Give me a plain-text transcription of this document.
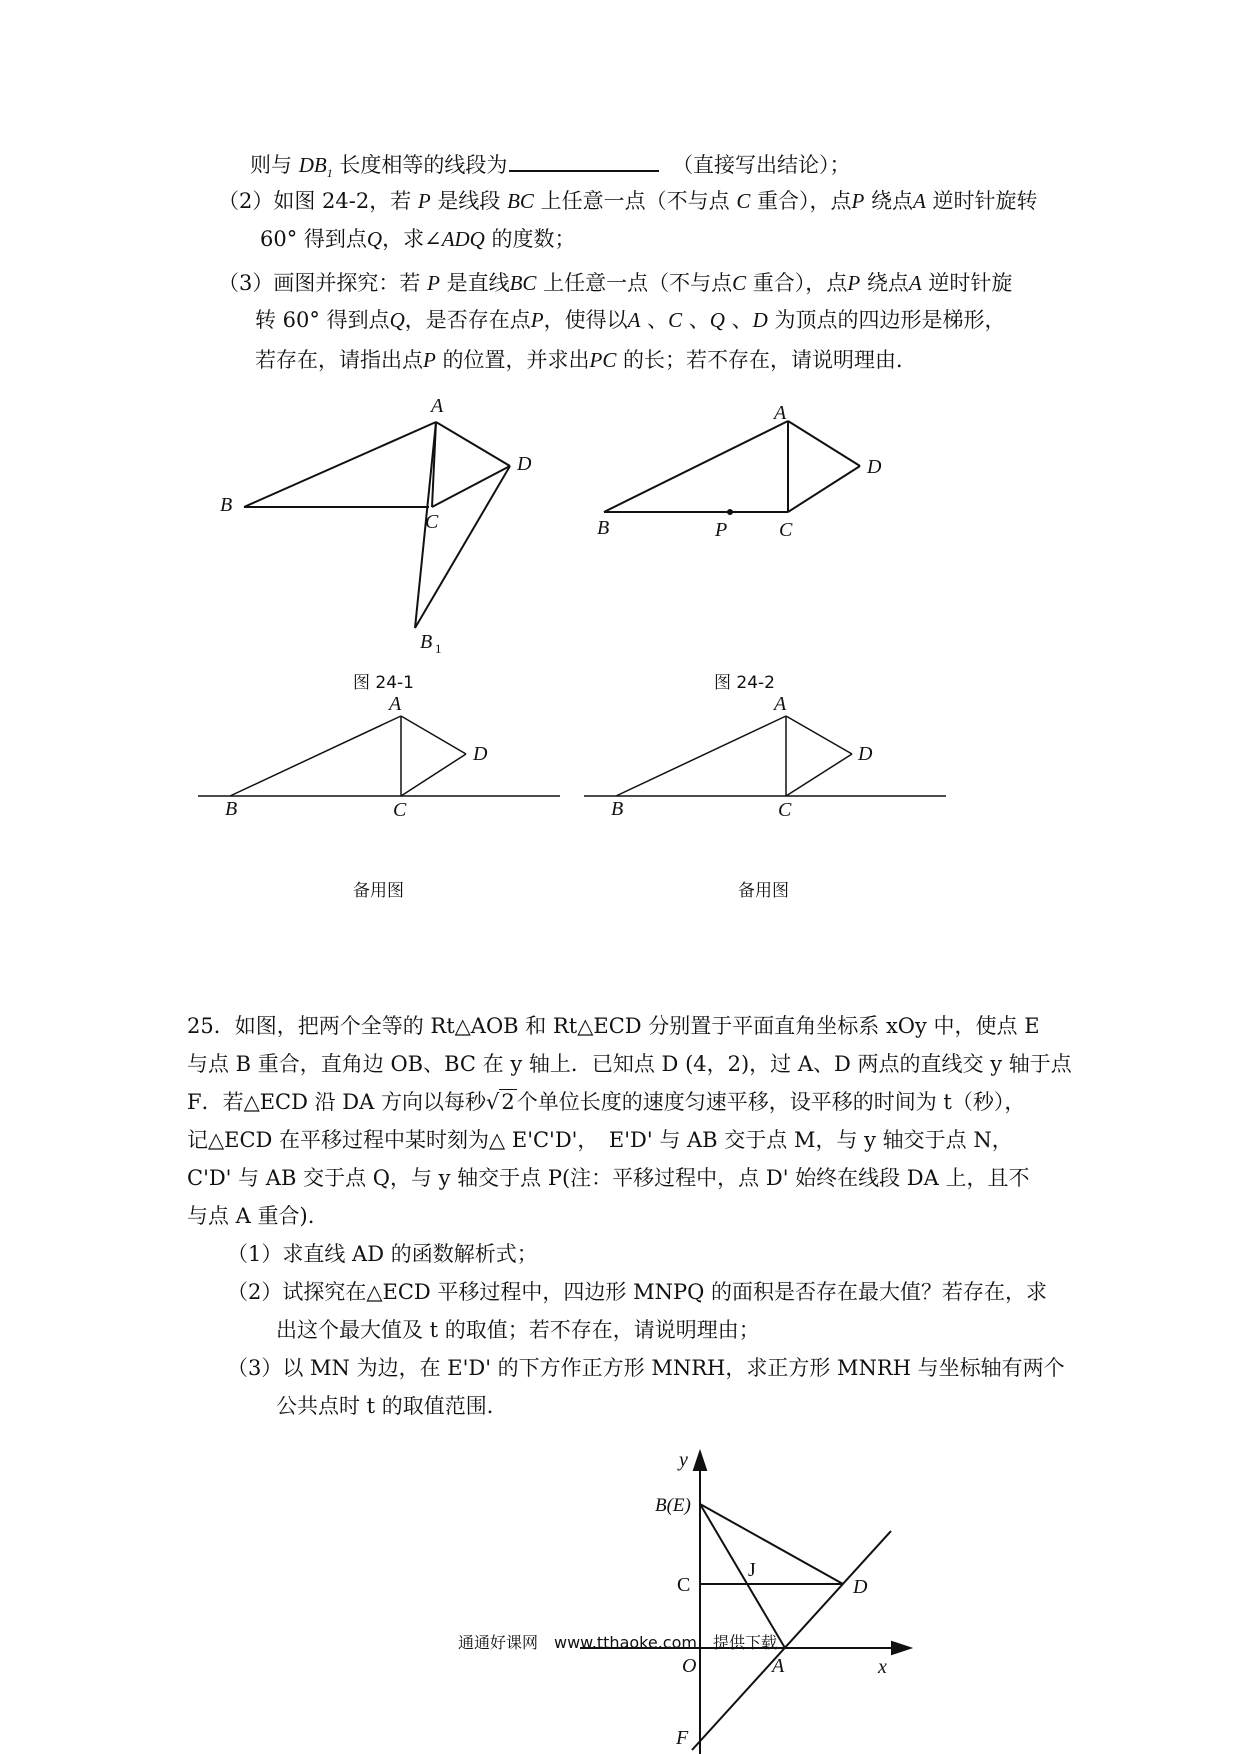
则与 $DB_1$ 长度相等的线段为	（直接写出结论）；
（2）如图 24-2，若 P 是线段 BC 上任意一点（不与点 C 重合），点P 绕点A 逆时针旋转
60° 得到点Q，求∠ADQ 的度数；
（3）画图并探究：若 P 是直线BC 上任意一点（不与点C 重合），点P 绕点A 逆时针旋
转 60° 得到点Q，是否存在点P，使得以A 、C 、Q 、D 为顶点的四边形是梯形，
若存在，请指出点P 的位置，并求出PC 的长；若不存在，请说明理由．
A
B
C
D
B 1
图 24-1
A
B	P	C
D
图 24-2
A
B	C
D
备用图
A
B	C
D
备用图
25．如图，把两个全等的 Rt△AOB 和 Rt△ECD 分别置于平面直角坐标系 xOy 中，使点 E
与点 B 重合，直角边 OB、BC 在 y 轴上．已知点 D (4，2)，过 A、D 两点的直线交 y 轴于点
F．若△ECD 沿 DA 方向以每秒√2个单位长度的速度匀速平移，设平移的时间为 t（秒），
记△ECD 在平移过程中某时刻为△ E'C'D'，　E'D' 与 AB 交于点 M，与 y 轴交于点 N，
C'D' 与 AB 交于点 Q，与 y 轴交于点 P(注：平移过程中，点 D' 始终在线段 DA 上，且不
与点 A 重合).
（1）求直线 AD 的函数解析式；
（2）试探究在△ECD 平移过程中，四边形 MNPQ 的面积是否存在最大值？若存在，求
出这个最大值及 t 的取值；若不存在，请说明理由；
（3）以 MN 为边，在 E'D' 的下方作正方形 MNRH，求正方形 MNRH 与坐标轴有两个
公共点时 t 的取值范围．
y
B(E)
C
J
D
O	A	x
F
通通好课网　www.tthaoke.com　提供下载
